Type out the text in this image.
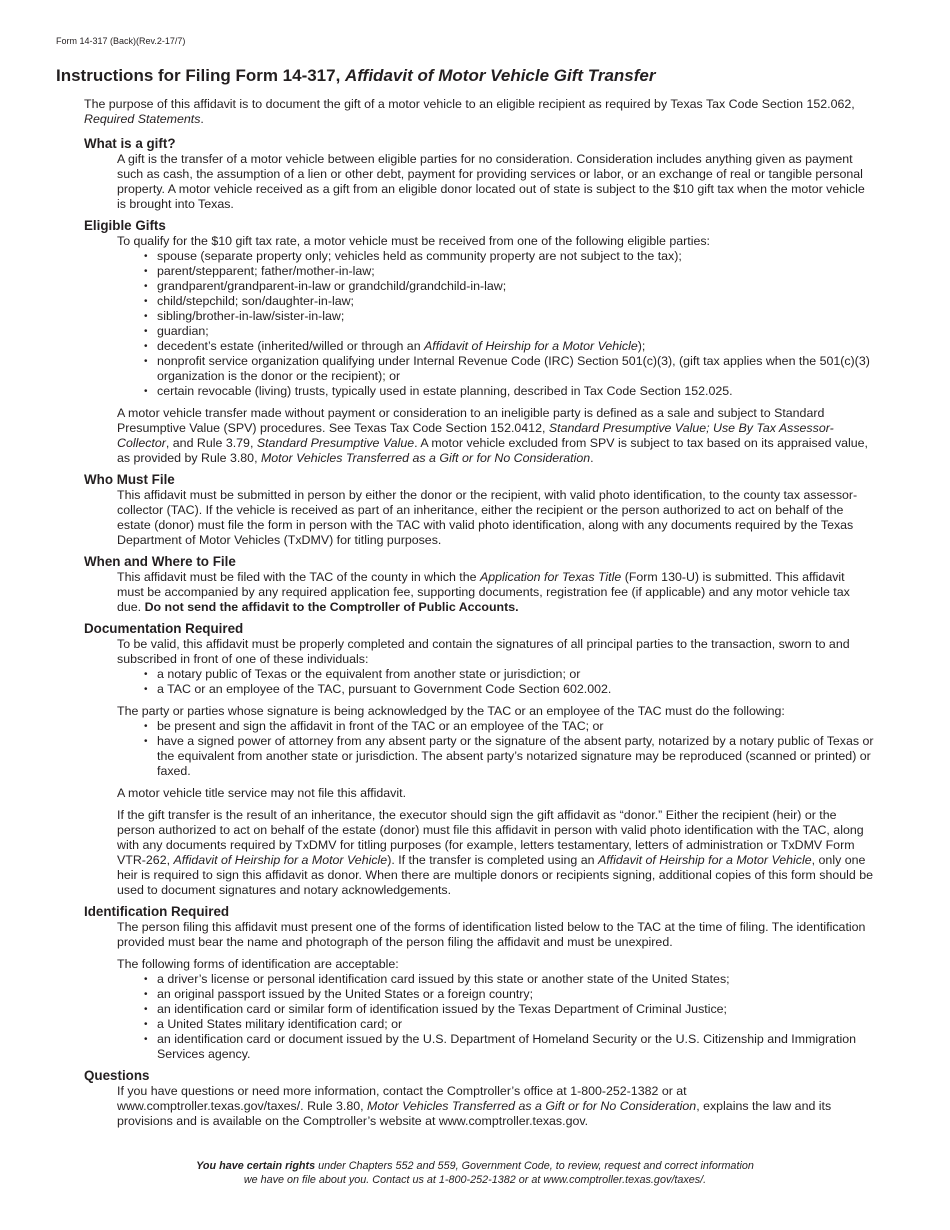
Form 14-317 (Back)(Rev.2-17/7)
Instructions for Filing Form 14-317, Affidavit of Motor Vehicle Gift Transfer

The purpose of this affidavit is to document the gift of a motor vehicle to an eligible recipient as required by Texas Tax Code Section 152.062, Required Statements.

What is a gift?

A gift is the transfer of a motor vehicle between eligible parties for no consideration. Consideration includes anything given as payment such as cash, the assumption of a lien or other debt, payment for providing services or labor, or an exchange of real or tangible personal property. A motor vehicle received as a gift from an eligible donor located out of state is subject to the $10 gift tax when the motor vehicle is brought into Texas.

Eligible Gifts

To qualify for the $10 gift tax rate, a motor vehicle must be received from one of the following eligible parties:

• spouse (separate property only; vehicles held as community property are not subject to the tax);
• parent/stepparent; father/mother-in-law;
• grandparent/grandparent-in-law or grandchild/grandchild-in-law;
• child/stepchild; son/daughter-in-law;
• sibling/brother-in-law/sister-in-law;
• guardian;
• decedent’s estate (inherited/willed or through an Affidavit of Heirship for a Motor Vehicle);
• nonprofit service organization qualifying under Internal Revenue Code (IRC) Section 501(c)(3), (gift tax applies when the 501(c)(3) organization is the donor or the recipient); or
• certain revocable (living) trusts, typically used in estate planning, described in Tax Code Section 152.025.

A motor vehicle transfer made without payment or consideration to an ineligible party is defined as a sale and subject to Standard Presumptive Value (SPV) procedures. See Texas Tax Code Section 152.0412, Standard Presumptive Value; Use By Tax Assessor-Collector, and Rule 3.79, Standard Presumptive Value. A motor vehicle excluded from SPV is subject to tax based on its appraised value, as provided by Rule 3.80, Motor Vehicles Transferred as a Gift or for No Consideration.

Who Must File

This affidavit must be submitted in person by either the donor or the recipient, with valid photo identification, to the county tax assessor-collector (TAC). If the vehicle is received as part of an inheritance, either the recipient or the person authorized to act on behalf of the estate (donor) must file the form in person with the TAC with valid photo identification, along with any documents required by the Texas Department of Motor Vehicles (TxDMV) for titling purposes.

When and Where to File

This affidavit must be filed with the TAC of the county in which the Application for Texas Title (Form 130-U) is submitted. This affidavit must be accompanied by any required application fee, supporting documents, registration fee (if applicable) and any motor vehicle tax due. Do not send the affidavit to the Comptroller of Public Accounts.

Documentation Required

To be valid, this affidavit must be properly completed and contain the signatures of all principal parties to the transaction, sworn to and subscribed in front of one of these individuals:

• a notary public of Texas or the equivalent from another state or jurisdiction; or
• a TAC or an employee of the TAC, pursuant to Government Code Section 602.002.

The party or parties whose signature is being acknowledged by the TAC or an employee of the TAC must do the following:

• be present and sign the affidavit in front of the TAC or an employee of the TAC; or
• have a signed power of attorney from any absent party or the signature of the absent party, notarized by a notary public of Texas or the equivalent from another state or jurisdiction. The absent party’s notarized signature may be reproduced (scanned or printed) or faxed.

A motor vehicle title service may not file this affidavit.

If the gift transfer is the result of an inheritance, the executor should sign the gift affidavit as “donor.” Either the recipient (heir) or the person authorized to act on behalf of the estate (donor) must file this affidavit in person with valid photo identification with the TAC, along with any documents required by TxDMV for titling purposes (for example, letters testamentary, letters of administration or TxDMV Form VTR-262, Affidavit of Heirship for a Motor Vehicle). If the transfer is completed using an Affidavit of Heirship for a Motor Vehicle, only one heir is required to sign this affidavit as donor. When there are multiple donors or recipients signing, additional copies of this form should be used to document signatures and notary acknowledgements.

Identification Required

The person filing this affidavit must present one of the forms of identification listed below to the TAC at the time of filing. The identification provided must bear the name and photograph of the person filing the affidavit and must be unexpired.

The following forms of identification are acceptable:

• a driver’s license or personal identification card issued by this state or another state of the United States;
• an original passport issued by the United States or a foreign country;
• an identification card or similar form of identification issued by the Texas Department of Criminal Justice;
• a United States military identification card; or
• an identification card or document issued by the U.S. Department of Homeland Security or the U.S. Citizenship and Immigration Services agency.
Questions

If you have questions or need more information, contact the Comptroller’s office at 1-800-252-1382 or at www.comptroller.texas.gov/taxes/. Rule 3.80, Motor Vehicles Transferred as a Gift or for No Consideration, explains the law and its provisions and is available on the Comptroller’s website at www.comptroller.texas.gov.

You have certain rights under Chapters 552 and 559, Government Code, to review, request and correct information
we have on file about you. Contact us at 1-800-252-1382 or at www.comptroller.texas.gov/taxes/.
